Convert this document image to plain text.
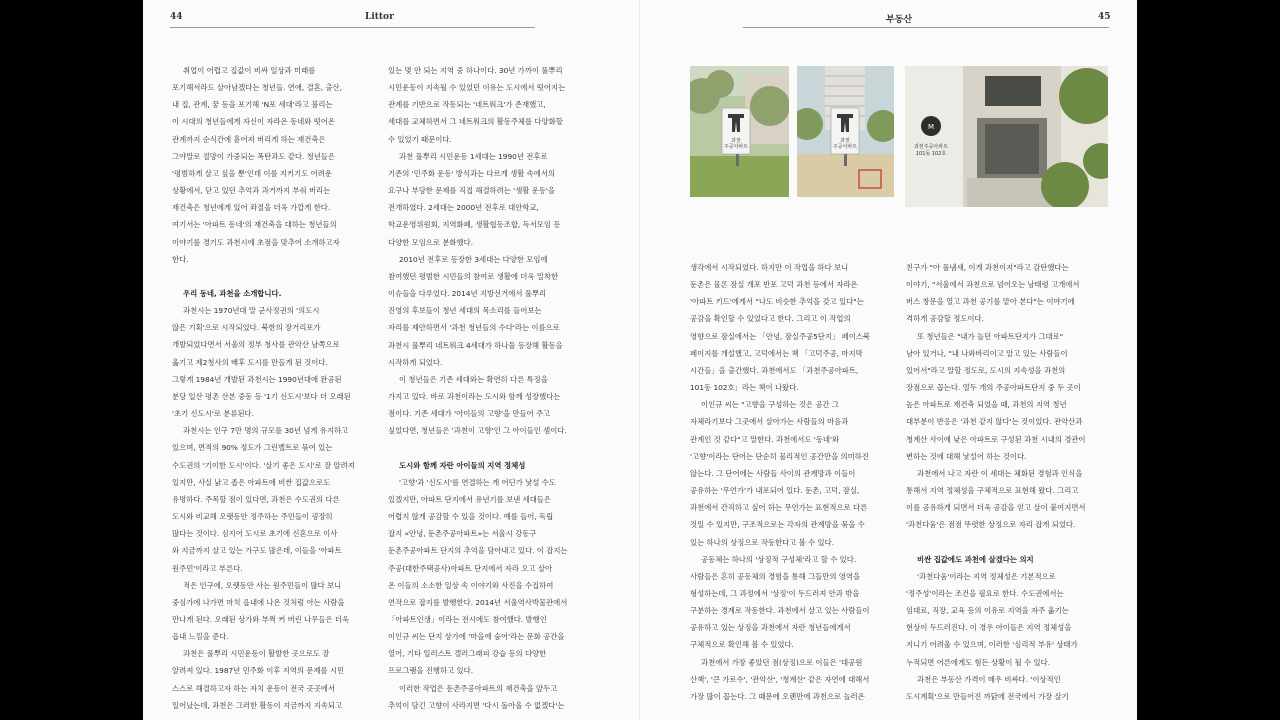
44	Littor	부동산	45

취업이 어렵고 집값이 비싸 일상과 미래를

포기해서라도 살아남겠다는 청년들. 연애, 결혼, 출산,

내 집, 관계, 꿈 등을 포기해 'N포 세대'라고 불리는

이 시대의 청년들에게 자신이 자라온 동네와 떳어온

관계까지 순식간에 흩어져 버리게 하는 재건축은

그야말로 절망이 가중되는 폭탄과도 같다. 청년들은

'평범하게 살고 싶을 뿐'인데 이를 지키기도 어려운

상황에서, 닫고 있던 추억과 과거까지 부숴 버리는

재건축은 청년에게 있어 좌절을 더욱 가깝게 한다.

여기서는 '아파트 동네'의 재건축을 대하는 청년들의

이야기를 경기도 과천시에 초점을 맞추어 소개하고자

한다.

우리 동네, 과천을 소개합니다.

과천시는 1970년대 말 군사정권의 '의도시

않은 기획'으로 시작되었다. 북한의 장거리포가

개발되었다면서 서울의 정부 청사를 관악산 남쪽으로

옮기고 제2청사의 배후 도시를 만들게 된 것이다.

그렇게 1984년 개발된 과천시는 1990년대에 완공된

분당 일산 평촌 산본 중동 등 '1기 신도시'보다 더 오래된

'초기 신도시'로 분류된다.

과천시는 인구 7만 명의 규모를 30년 넘게 유지하고

있으며, 면적의 90% 정도가 그린벨트로 묶여 있는

수도권의 '기이한 도시'이다. '살기 좋은 도시'로 잘 알려져

있지만, 사실 낡고 좁은 아파트에 비싼 집값으로도

유명하다. 주목할 점이 있다면, 과천은 수도권의 다른

도시와 비교해 오랫동안 정주하는 주민들이 굉장히

많다는 것이다. 심지어 도시로 초기에 신혼으로 이사

와 지금까지 살고 있는 가구도 많은데, 이들을 '아파트

원주민'이라고 부른다.

적은 인구에, 오랫동안 사는 원주민들이 많다 보니

중심가에 나가면 마치 읍내에 나온 것처럼 아는 사람을

만나게 된다. 오래된 상가와 부쩍 커 버린 나무들은 더욱

읍내 느낌을 준다.

과천은 풀뿌리 시민운동이 활발한 곳으로도 잘

알려져 있다. 1987년 민주화 이후 지역의 문제를 시민

스스로 해결하고자 하는 자치 운동이 전국 곳곳에서

일어났는데, 과천은 그러한 활동이 지금까지 지속되고

있는 몇 안 되는 지역 중 하나이다. 30년 가까이 풀뿌리

시민운동이 지속될 수 있었던 이유는 도시에서 떳어지는

관계를 기반으로 작동되는 '네트워크'가 존재했고,

세대를 교체하면서 그 네트워크의 활동주체를 다양화할

수 있었기 때문이다.

과천 풀뿌리 시민운동 1세대는 1990년 전후로

기존의 '민주화 운동' 방식과는 다르게 생활 속에서의

요구나 부당한 문제를 직접 해결하려는 '생활 운동'을

전개하였다. 2세대는 2000년 전후로 대안학교,

학교운영위원회, 지역화폐, 생활협동조합, 독서모임 등

다양한 모임으로 분화했다.

2010년 전후로 등장한 3세대는 다양한 모임에

참여했던 평범한 시민들의 참여로 생활에 더욱 밀착한

이슈들을 다루었다. 2014년 지방선거에서 풀뿌리

진영의 후보들이 청년 세대의 목소리를 들어보는

자리를 제안하면서 '과천 청년들의 수다'라는 이름으로

과천시 풀뿌리 네트워크 4세대가 하나둘 등장해 활동을

시작하게 되었다.

이 청년들은 기존 세대와는 확연히 다른 특징을

가지고 있다. 바로 과천이라는 도시와 함께 성장했다는

점이다. 기존 세대가 '아이들의 고향'을 만들어 주고

싶었다면, 청년들은 '과천이 고향'인 그 아이들인 셈이다.

도시와 함께 자란 아이들의 지역 정체성

'고향'과 '신도시'를 연결하는 게 어딘가 낯설 수도

있겠지만, 아파트 단지에서 유년기를 보낸 세대들은

어렵지 않게 공감할 수 있을 것이다. 예를 들어, 독립

잡지 «안녕, 둔촌주공아파트»는 서울시 강동구

둔촌주공아파트 단지의 추억을 담아내고 있다. 이 잡지는

주공(대한주택공사)아파트 단지에서 자라 오고 살아

온 이들의 소소한 일상 속 이야기와 사진을 수집하여

연작으로 잡지를 발행한다. 2014년 서울역사박물관에서

「아파트인생」이라는 전시에도 참여했다. 발행인

이인규 씨는 단지 상가에 '마을에 숨어'라는 문화 공간을

열어, 기타 일러스트 갤러그래피 강습 등의 다양한

프로그램을 진행하고 있다.

이러한 작업은 둔촌주공아파트의 재건축을 앞두고

추억이 담긴 고향이 사라지면 '다시 돌아올 수 없겠다'는

생각에서 시작되었다. 하지만 이 작업을 하다 보니

둔촌은 물론 잠실 개포 반포 고덕 과천 등에서 자라온

'아파트 키드'에게서 "나도 비슷한 추억을 갖고 있다"는

공감을 확인할 수 있었다고 한다. 그리고 이 작업의

영향으로 잠실에서는 「안녕, 잠실주공5단지」 페이스북

페이지를 개설했고, 고덕에서는 책 「고덕주공, 마지막

시간들」을 출간했다. 과천에서도 「과천주공아파트,

101동 102호」라는 책이 나왔다.

이인규 씨는 "고향을 구성하는 것은 공간 그

자체라기보다 그곳에서 살아가는 사람들의 마음과

관계인 것 같다"고 말한다. 과천에서도 '동네'와

'고향'이라는 단어는 단순히 물리적인 공간만을 의미하진

않는다. 그 단어에는 사람들 사이의 관계망과 이들이

공유하는 '무언가'가 내포되어 있다. 둔촌, 고덕, 잠실,

과천에서 간직하고 싶어 하는 무언가는 표현적으로 다른

것일 수 있지만, 구조적으로는 각자의 관계망을 묶을 수

있는 하나의 상징으로 작동한다고 볼 수 있다.

공동체는 하나의 '상징적 구성체'라고 할 수 있다.

사람들은 흔히 공동체의 경험을 통해 그들만의 영역을

형성하는데, 그 과정에서 '상징'이 두드러져 안과 밖을

구분하는 경계로 작동한다. 과천에서 살고 있는 사람들이

공유하고 있는 상징을 과천에서 자란 청년들에게서

구체적으로 확인해 볼 수 있었다.

과천에서 가장 좋았던 점(상징)으로 이들은 '대공원

산책', '큰 가로수', '관악산', '청계산' 같은 자연에 대해서

가장 많이 꼽는다. 그 때문에 오랜만에 과천으로 놀러온

친구가 "아 풀냄새, 이게 과천이지"라고 감탄했다는

이야기, "서울에서 과천으로 넘어오는 남태령 고개에서

버스 창문을 열고 과천 공기를 맡아 본다"는 이야기에

격하게 공감할 정도이다.

또 청년들은 "내가 놀던 아파트단지가 그대로"

남아 있거나, "내 나와바리이고 알고 있는 사람들이

있어서"라고 말할 정도로, 도시의 지속성을 과천의

장점으로 꼽는다. 열두 개의 주공아파트단지 중 두 곳이

높은 아파트로 재건축 되었을 때, 과천의 지역 청년

대부분이 반응은 '과천 같지 않다'는 것이었다. 관악산과

청계산 사이에 낮은 아파트로 구성된 과천 시내의 경관이

변하는 것에 대해 낯설어 하는 것이다.

과천에서 나고 자란 이 세대는 체화된 경험과 인식을

통해서 지역 정체성을 구체적으로 표현해 왔다. 그리고

이를 공유하게 되면서 더욱 공감을 얻고 살이 붙여지면서

'과천다움'은 점점 뚜렷한 상징으로 자리 잡게 되었다.

비싼 집값에도 과천에 살겠다는 의지

'과천다움'이라는 지역 정체성은 기본적으로

'정주성'이라는 조건을 필요로 한다. 수도권에서는

임대료, 직장, 교육 등의 이유로 지역을 자주 옮기는

현상이 두드러진다. 이 경우 아이들은 지역 정체성을

지니기 어려울 수 있으며, 이러한 '심리적 부유' 상태가

누적되면 어른에게도 힘든 상황이 될 수 있다.

과천은 부동산 가격이 매우 비싸다. '이상적인

도시계획'으로 만들어진 까닭에 전국에서 가장 살기

과천
주공아파트
과천
주공아파트
M
과천주공아파트
101동 102호
